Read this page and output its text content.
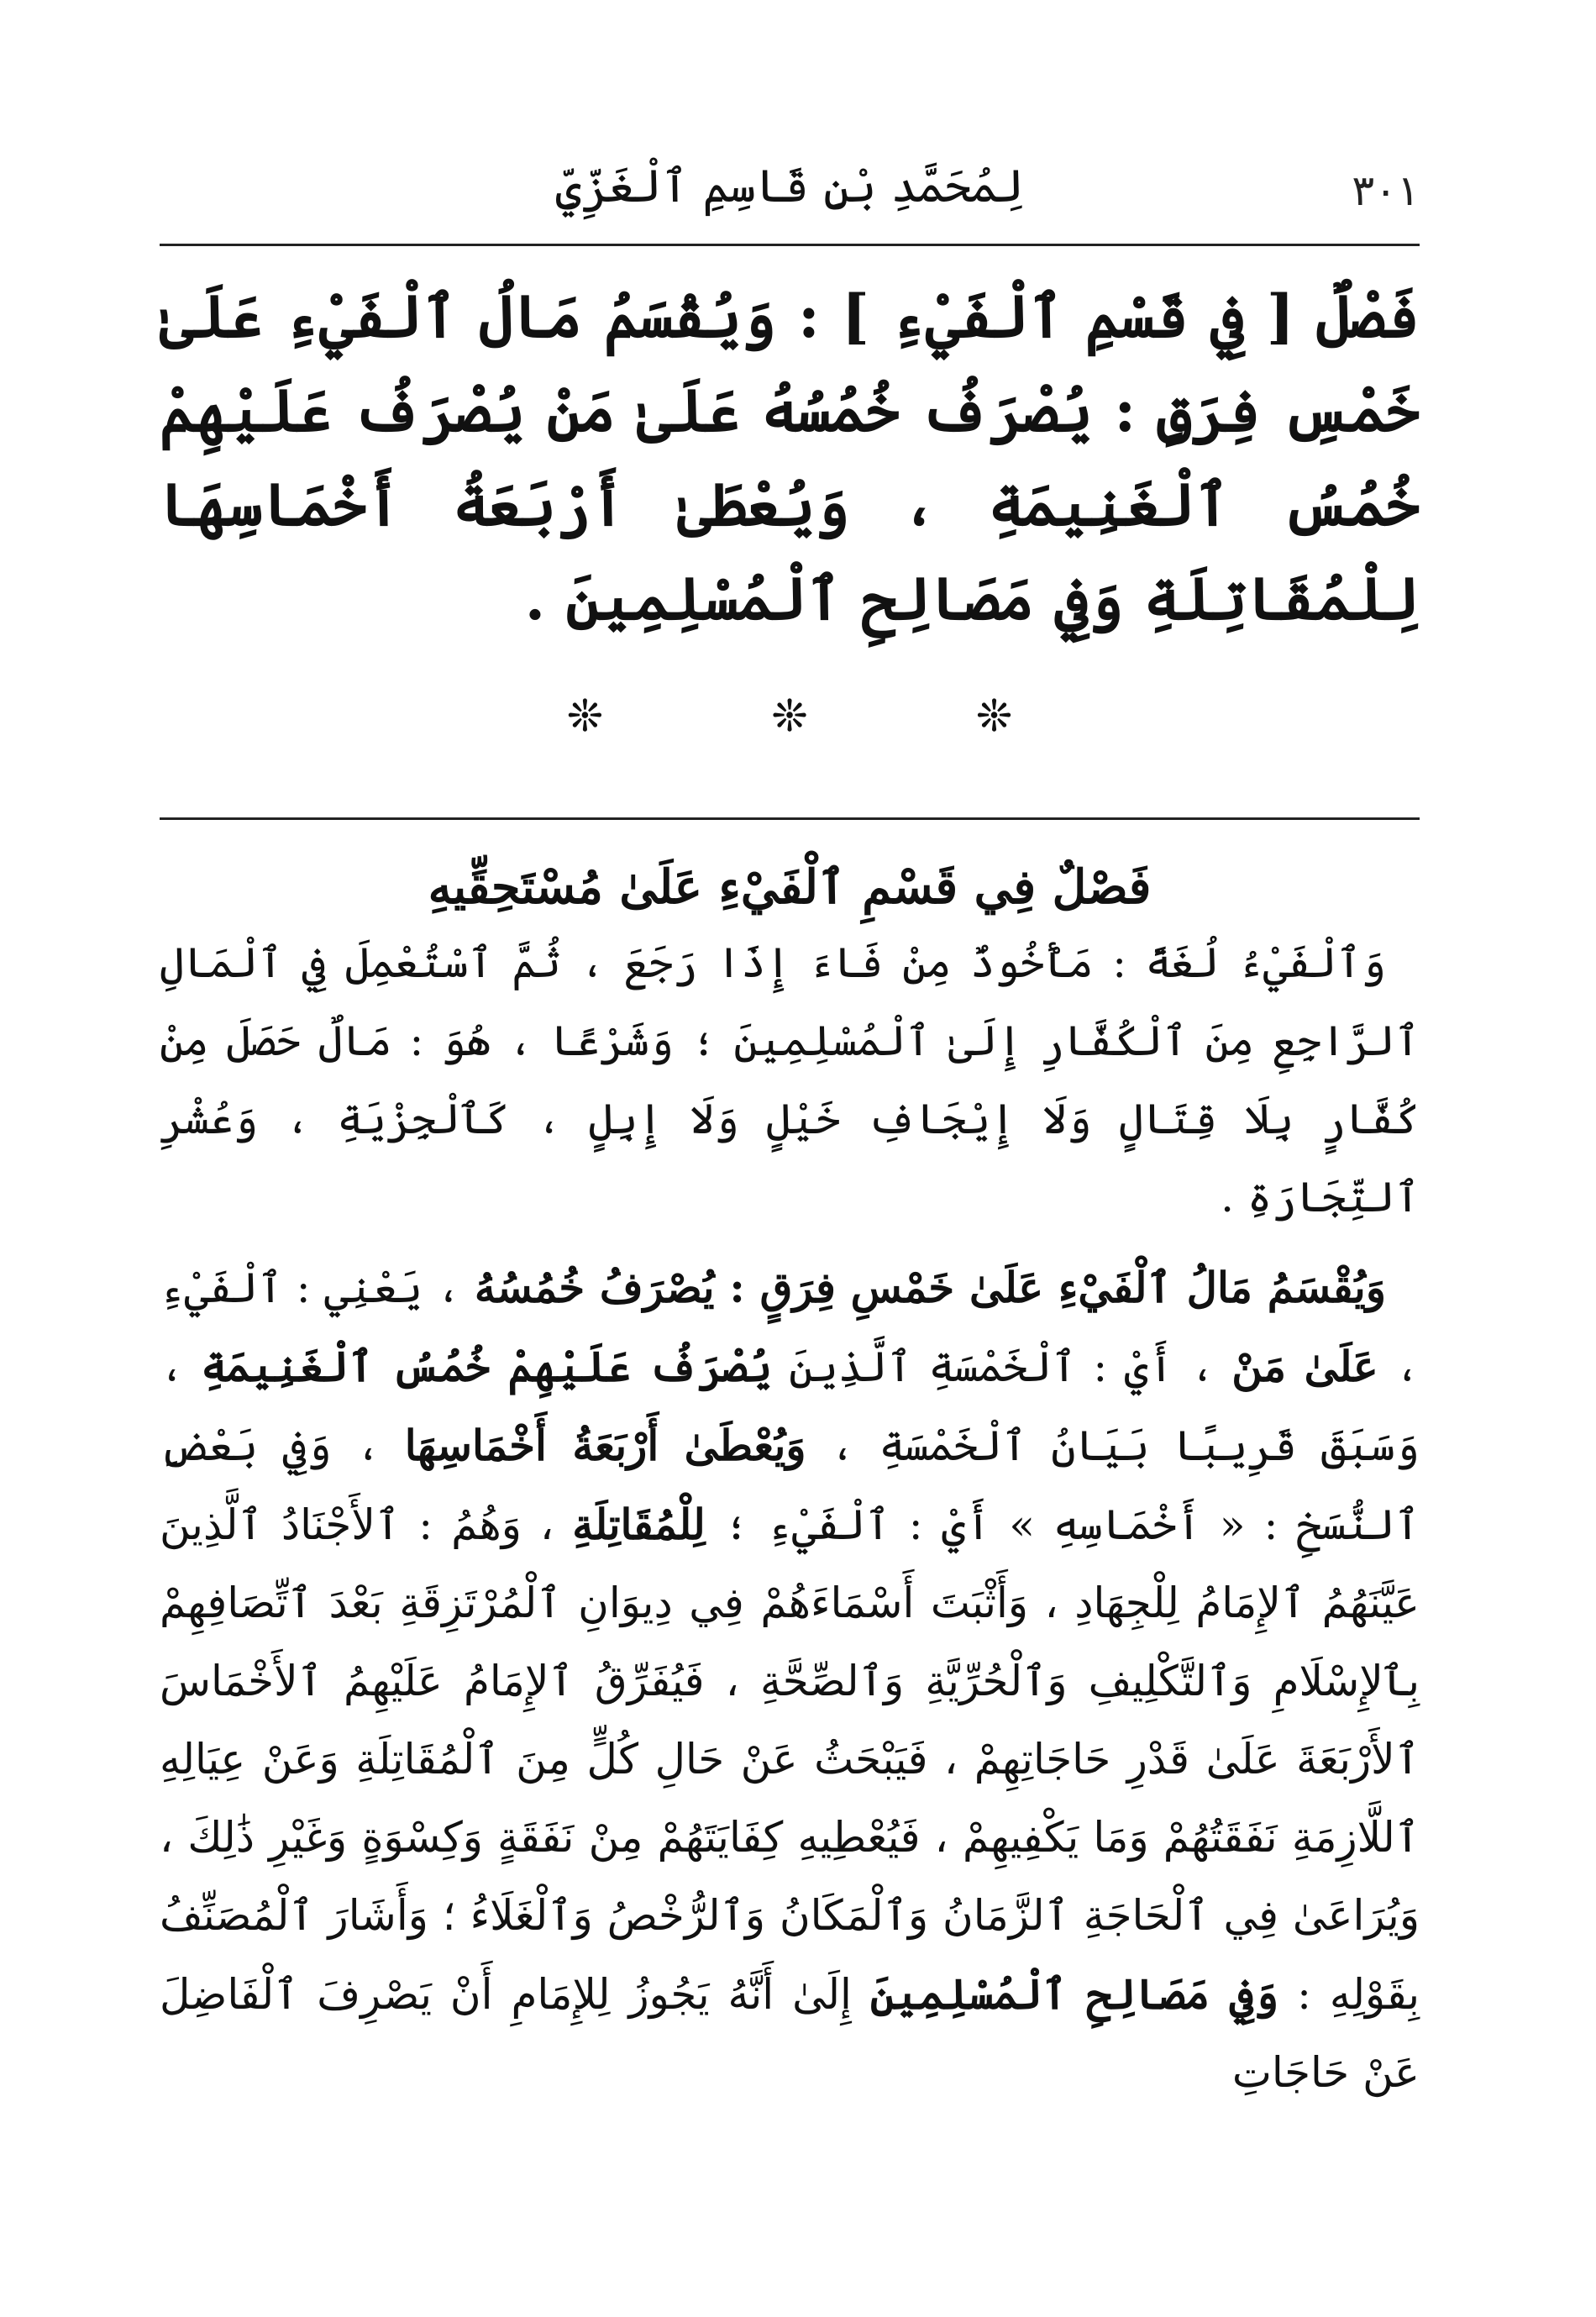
٣٠١
لِمُحَمَّدِ بْنِ قَاسِمِ ٱلْغَزِّيِّ
فَصْلٌ [ فِي قَسْمِ ٱلْفَيْءِ ] : وَيُقْسَمُ مَالُ ٱلْفَيْءِ عَلَىٰ خَمْسِ فِرَقٍ : يُصْرَفُ خُمُسُهُ عَلَىٰ مَنْ يُصْرَفُ عَلَيْهِمْ خُمُسُ ٱلْغَنِيمَةِ ، وَيُعْطَىٰ أَرْبَعَةُ أَخْمَاسِهَا لِلْمُقَاتِلَةِ وَفِي مَصَالِحِ ٱلْمُسْلِمِينَ .
❊
❊
❊
فَصْلٌ فِي قَسْمِ ٱلْفَيْءِ عَلَىٰ مُسْتَحِقِّيهِ

وَٱلْفَيْءُ لُغَةً : مَأْخُوذٌ مِنْ فَاءَ إِذَا رَجَعَ ، ثُمَّ ٱسْتُعْمِلَ فِي ٱلْمَالِ ٱلرَّاجِعِ مِنَ ٱلْكُفَّارِ إِلَىٰ ٱلْمُسْلِمِينَ ؛ وَشَرْعًا ، هُوَ : مَالٌ حَصَلَ مِنْ كُفَّارٍ بِلَا قِتَالٍ وَلَا إِيْجَافِ خَيْلٍ وَلَا إِبِلٍ ، كَٱلْجِزْيَةِ ، وَعُشْرِ ٱلتِّجَارَةِ .

وَيُقْسَمُ مَالُ ٱلْفَيْءِ عَلَىٰ خَمْسِ فِرَقٍ : يُصْرَفُ خُمُسُهُ ، يَعْنِي : ٱلْفَيْءِ ، عَلَىٰ مَنْ ، أَيْ : ٱلْخَمْسَةِ ٱلَّذِينَ يُصْرَفُ عَلَيْهِمْ خُمُسُ ٱلْغَنِيمَةِ ، وَسَبَقَ قَرِيبًا بَيَانُ ٱلْخَمْسَةِ ، وَيُعْطَىٰ أَرْبَعَةُ أَخْمَاسِهَا ، وَفِي بَعْضِ ٱلنُّسَخِ : « أَخْمَاسِهِ » أَيْ : ٱلْفَيْءِ ؛ لِلْمُقَاتِلَةِ ، وَهُمُ : ٱلأَجْنَادُ ٱلَّذِينَ عَيَّنَهُمُ ٱلإِمَامُ لِلْجِهَادِ ، وَأَثْبَتَ أَسْمَاءَهُمْ فِي دِيوَانِ ٱلْمُرْتَزِقَةِ بَعْدَ ٱتِّصَافِهِمْ بِٱلإِسْلَامِ وَٱلتَّكْلِيفِ وَٱلْحُرِّيَّةِ وَٱلصِّحَّةِ ، فَيُفَرِّقُ ٱلإِمَامُ عَلَيْهِمُ ٱلأَخْمَاسَ ٱلأَرْبَعَةَ عَلَىٰ قَدْرِ حَاجَاتِهِمْ ، فَيَبْحَثُ عَنْ حَالِ كُلٍّ مِنَ ٱلْمُقَاتِلَةِ وَعَنْ عِيَالِهِ ٱللَّازِمَةِ نَفَقَتُهُمْ وَمَا يَكْفِيهِمْ ، فَيُعْطِيهِ كِفَايَتَهُمْ مِنْ نَفَقَةٍ وَكِسْوَةٍ وَغَيْرِ ذَٰلِكَ ، وَيُرَاعَىٰ فِي ٱلْحَاجَةِ ٱلزَّمَانُ وَٱلْمَكَانُ وَٱلرُّخْصُ وَٱلْغَلَاءُ ؛ وَأَشَارَ ٱلْمُصَنِّفُ بِقَوْلِهِ : وَفِي مَصَالِحِ ٱلْمُسْلِمِينَ إِلَىٰ أَنَّهُ يَجُوزُ لِلإِمَامِ أَنْ يَصْرِفَ ٱلْفَاضِلَ عَنْ حَاجَاتِ
